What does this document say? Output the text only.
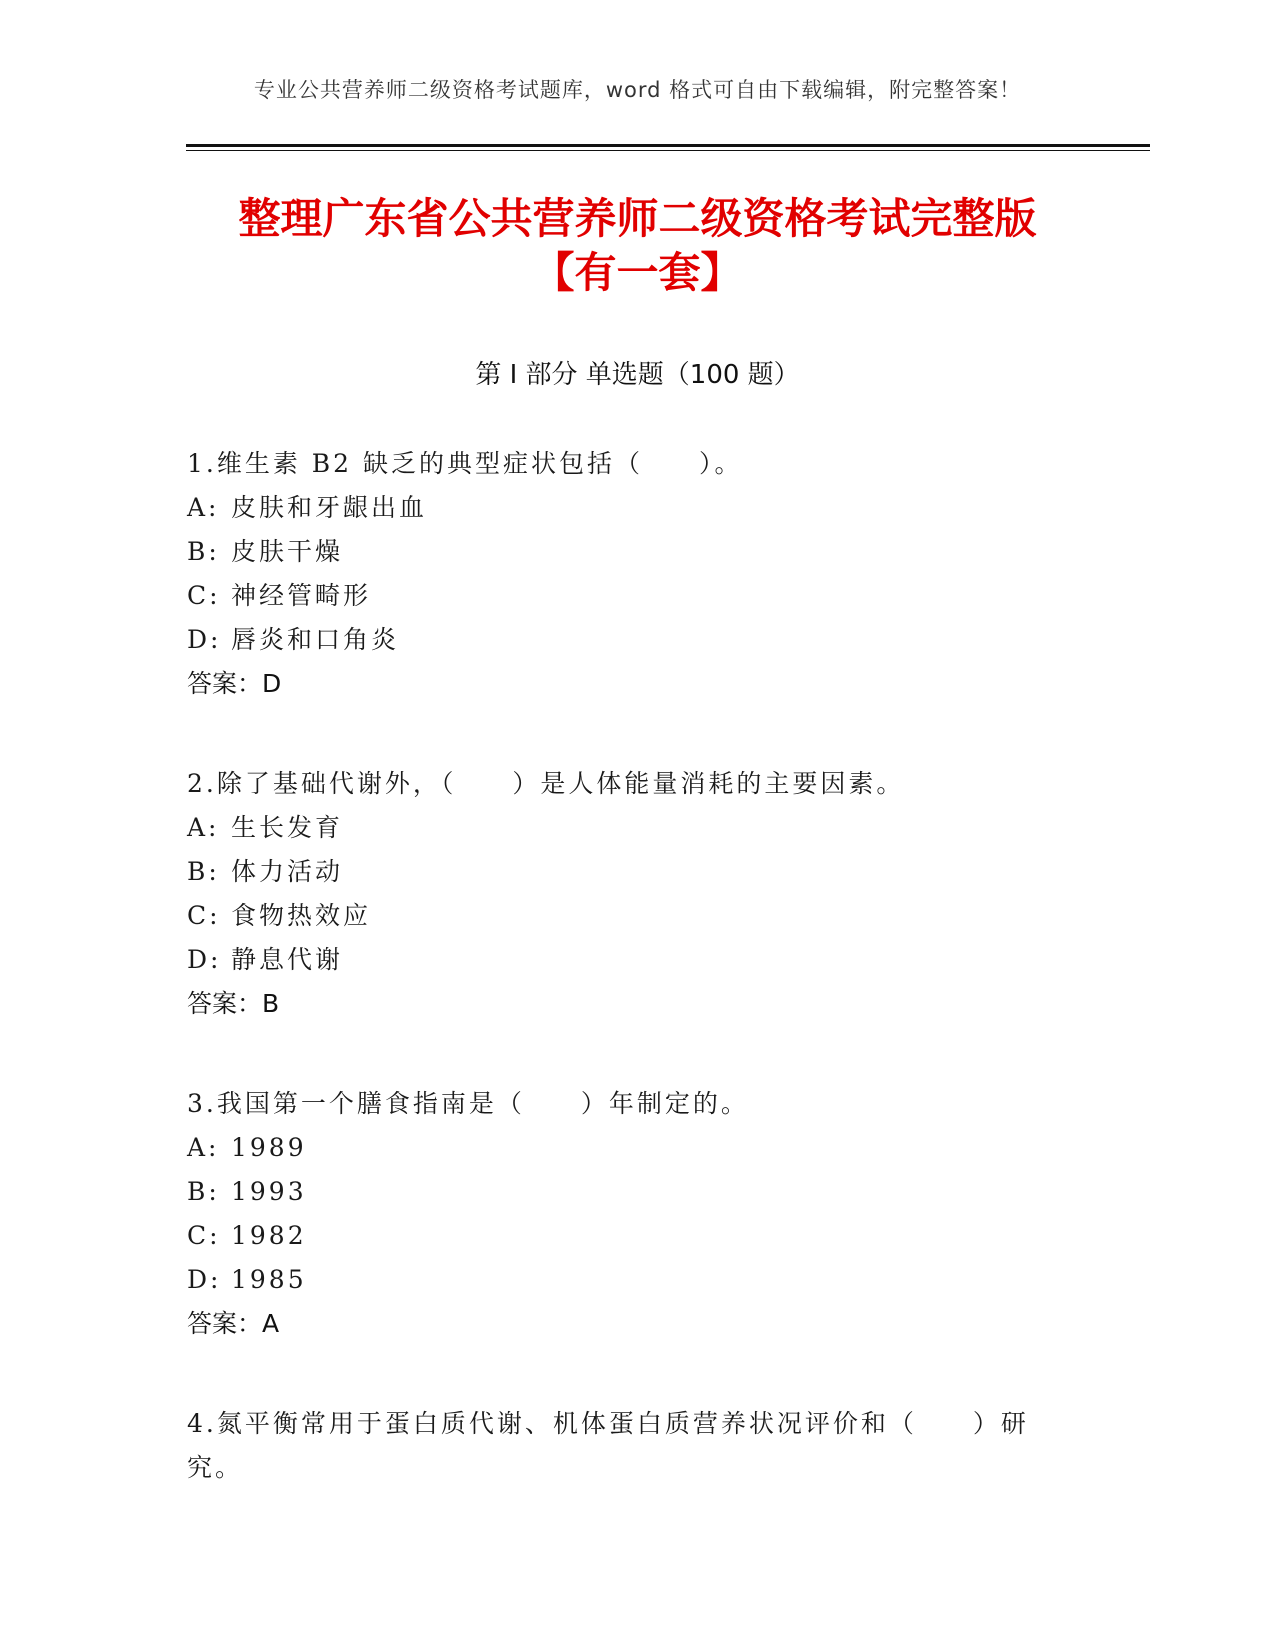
专业公共营养师二级资格考试题库，word 格式可自由下载编辑，附完整答案！
整理广东省公共营养师二级资格考试完整版
【有一套】
第 I 部分 单选题（100 题）
1.维生素 B2 缺乏的典型症状包括（　　）。
A: 皮肤和牙龈出血
B: 皮肤干燥
C: 神经管畸形
D: 唇炎和口角炎
答案：D
2.除了基础代谢外，（　　）是人体能量消耗的主要因素。
A: 生长发育
B: 体力活动
C: 食物热效应
D: 静息代谢
答案：B
3.我国第一个膳食指南是（　　）年制定的。
A: 1989
B: 1993
C: 1982
D: 1985
答案：A
4.氮平衡常用于蛋白质代谢、机体蛋白质营养状况评价和（　　）研究。
